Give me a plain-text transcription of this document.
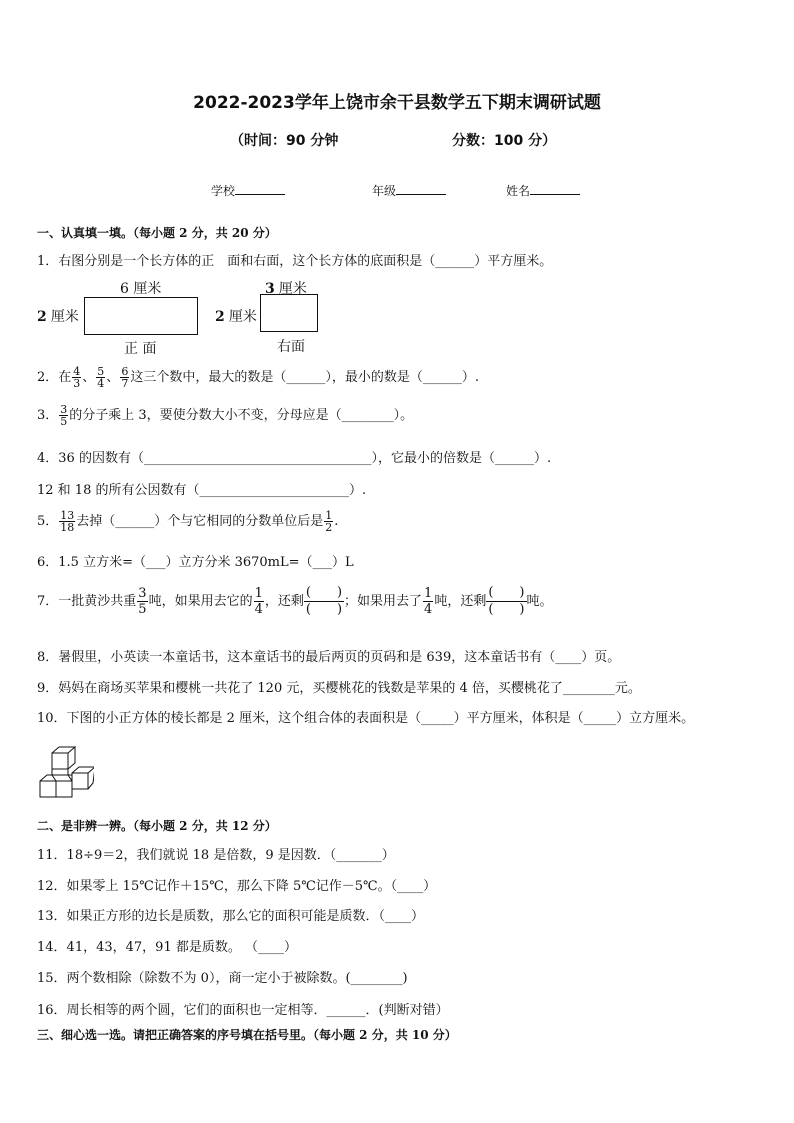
2022-2023学年上饶市余干县数学五下期末调研试题
（时间：90 分钟	分数：100 分）
学校	年级	姓名
一、认真填一填。（每小题 2 分，共 20 分）
1．右图分别是一个长方体的正　面和右面，这个长方体的底面积是（______）平方厘米。
6 厘米
2 厘米
正 面
3 厘米
2 厘米
右面
2．在 $\frac{4}{3}$ 、 $\frac{5}{4}$ 、 $\frac{6}{7}$ 这三个数中，最大的数是（______），最小的数是（______）.
3． $\frac{3}{5}$ 的分子乘上 3，要使分数大小不变，分母应是（________）。
4．36 的因数有（___________________________________），它最小的倍数是（______）.
12 和 18 的所有公因数有（_______________________）.
5． $\frac{13}{18}$ 去掉（______）个与它相同的分数单位后是 $\frac{1}{2}$ .
6．1.5 立方米=（___）立方分米 3670mL=（___）L
7．一批黄沙共重 $\frac{3}{5}$ 吨，如果用去它的 $\frac{1}{4}$ ，还剩
(　　)
(　　)
；如果用去了 $\frac{1}{4}$ 吨，还剩
(　　)
(　　)
吨。
8．暑假里，小英读一本童话书，这本童话书的最后两页的页码和是 639，这本童话书有（____）页。
9．妈妈在商场买苹果和樱桃一共花了 120 元，买樱桃花的钱数是苹果的 4 倍，买樱桃花了________元。
10．下图的小正方体的棱长都是 2 厘米，这个组合体的表面积是（_____）平方厘米，体积是（_____）立方厘米。
二、是非辨一辨。（每小题 2 分，共 12 分）
11．18÷9＝2，我们就说 18 是倍数，9 是因数．（_______）
12．如果零上 15℃记作＋15℃，那么下降 5℃记作－5℃。（____）
13．如果正方形的边长是质数，那么它的面积可能是质数．（____）
14．41，43，47，91 都是质数。 （____）
15．两个数相除（除数不为 0），商一定小于被除数。(________)
16．周长相等的两个圆，它们的面积也一定相等．______．(判断对错）
三、细心选一选。请把正确答案的序号填在括号里。（每小题 2 分，共 10 分）
